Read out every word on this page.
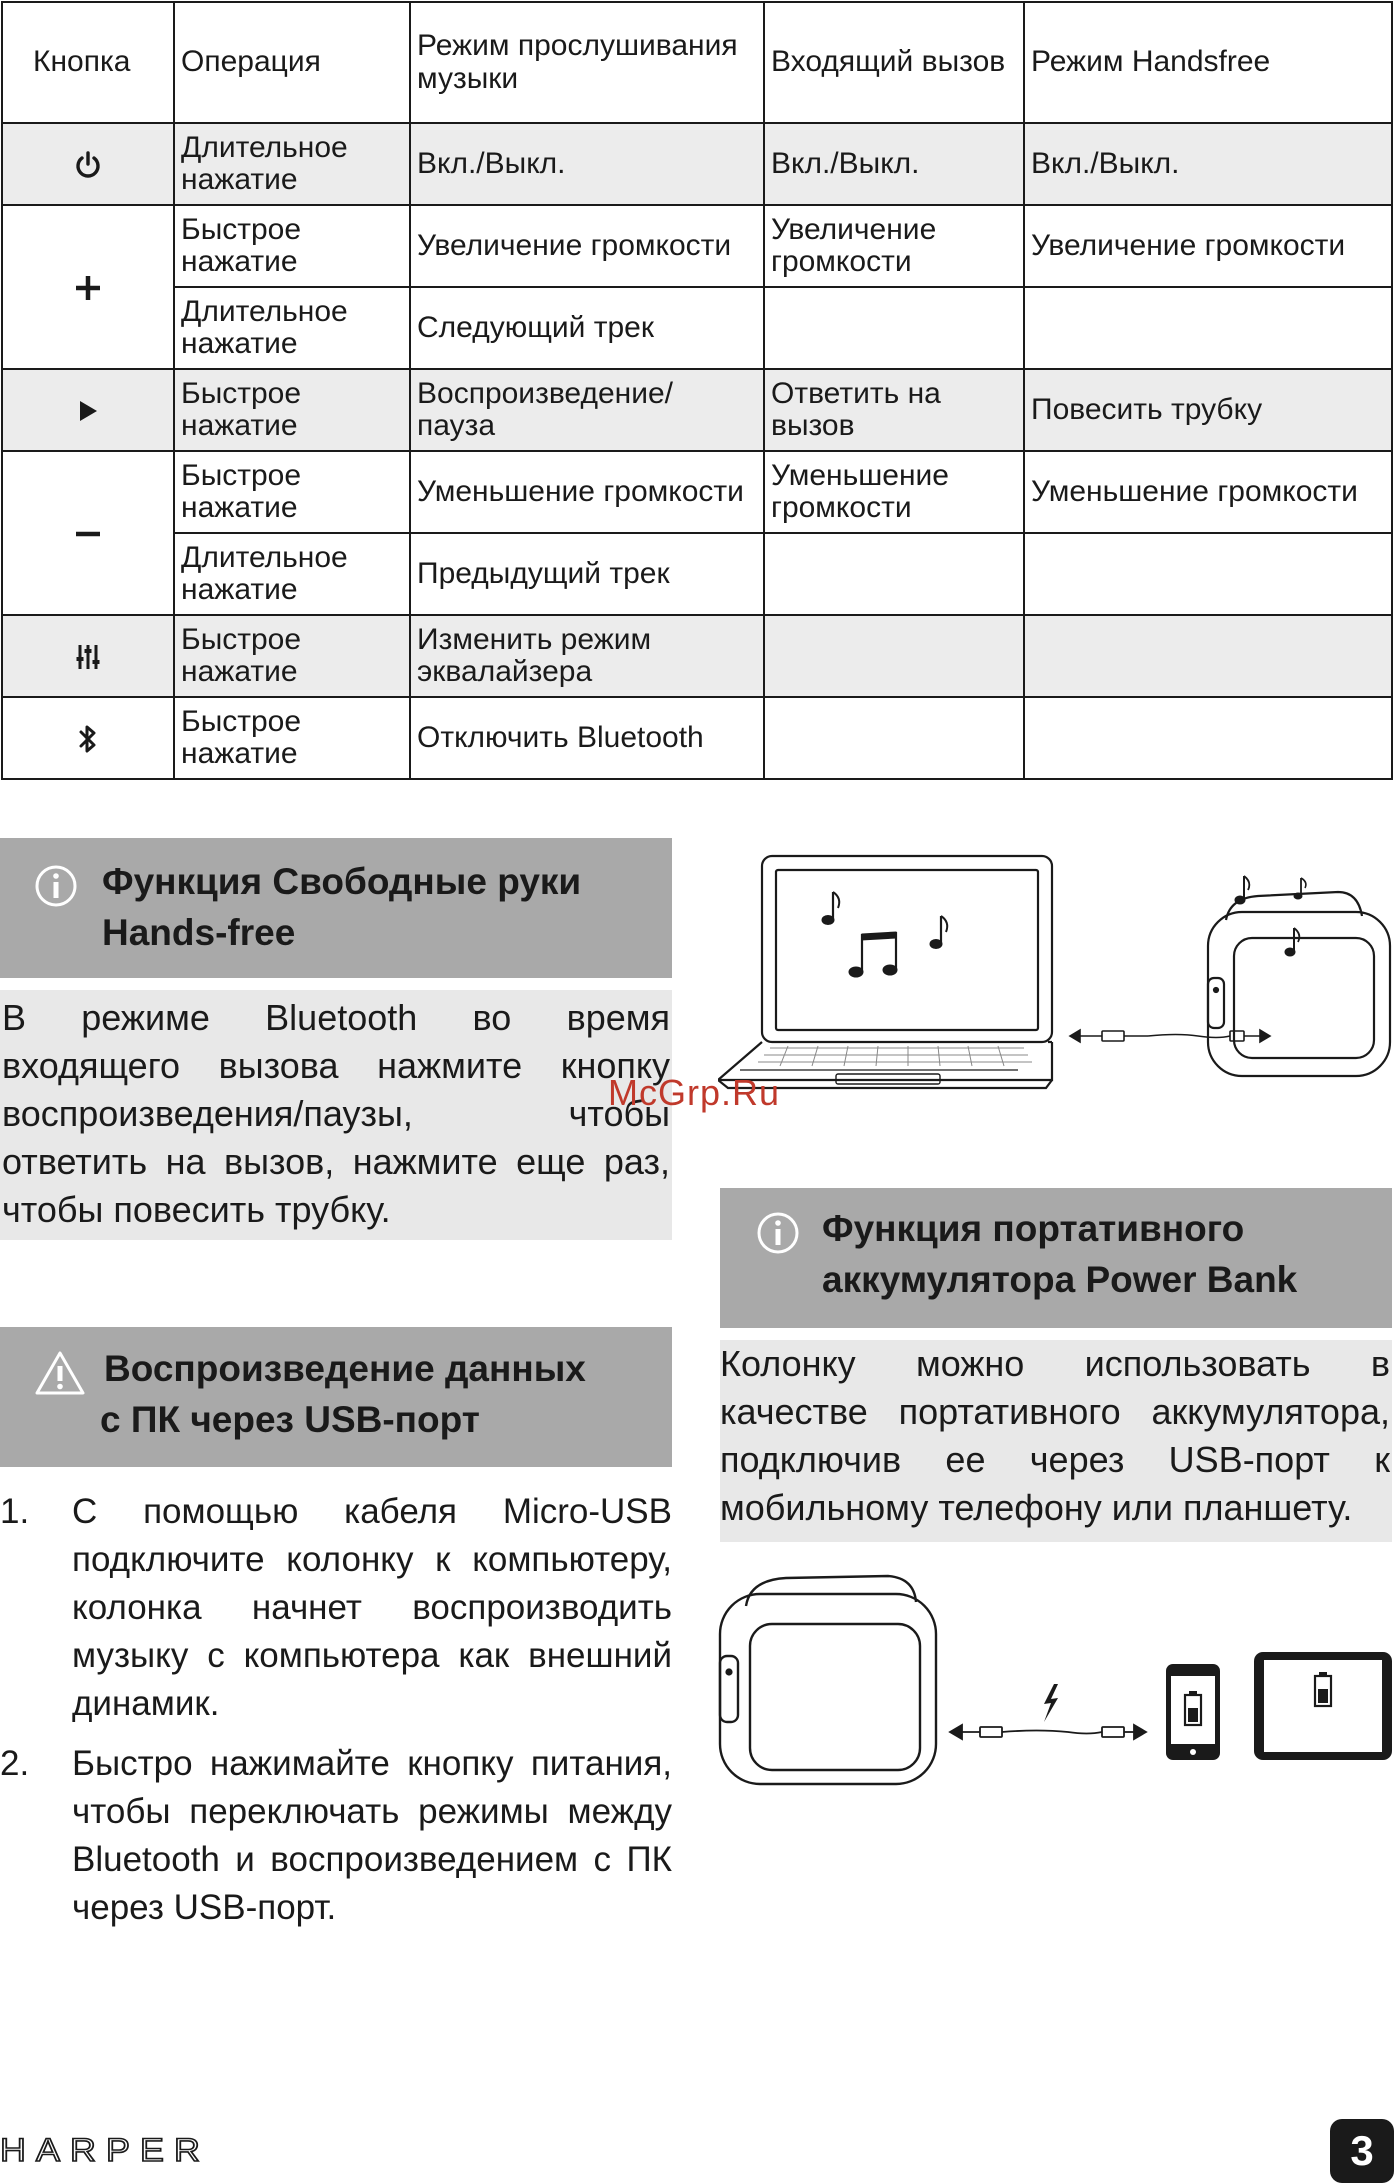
Кнопка	Операция	Режим прослушивания музыки	Входящий вызов	Режим Handsfree
	Длительное нажатие	Вкл./Выкл.	Вкл./Выкл.	Вкл./Выкл.
	Быстрое нажатие	Увеличение громкости	Увеличение громкости	Увеличение громкости
	Длительное нажатие	Следующий трек		
	Быстрое нажатие	Воспроизведение/ пауза	Ответить на вызов	Повесить трубку
	Быстрое нажатие	Уменьшение громкости	Уменьшение громкости	Уменьшение громкости
	Длительное нажатие	Предыдущий трек		
	Быстрое нажатие	Изменить режим эквалайзера		
	Быстрое нажатие	Отключить Bluetooth		
Функция Свободные руки
Hands-free

В режиме Bluetooth во время входящего вызова нажмите кнопку воспроизведения/паузы, чтобы ответить на вызов, нажмите еще раз, чтобы повесить трубку.

Воспроизведение данных
с ПК через USB-порт
1.	С помощью кабеля Micro-USB подключите колонку к компьютеру, колонка начнет воспроизводить музыку с компьютера как внешний динамик.
2.	Быстро нажимайте кнопку питания, чтобы переключать режимы между Bluetooth и воспроизведением с ПК через USB-порт.
McGrp.Ru
Функция портативного
аккумулятора Power Bank

Колонку можно использовать в качестве портативного аккумулятора, подключив ее через USB-порт к мобильному телефону или планшету.

HARPER	3
